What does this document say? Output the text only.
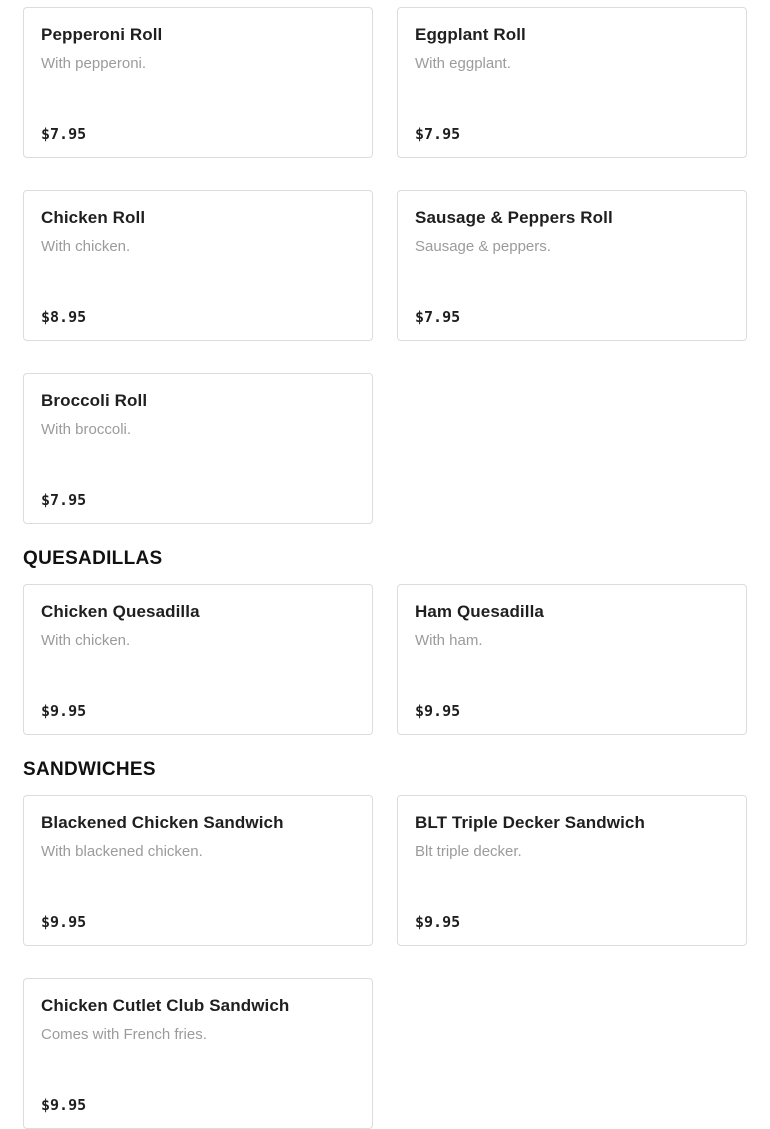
Pepperoni Roll
With pepperoni.
$7.95
Eggplant Roll
With eggplant.
$7.95
Chicken Roll
With chicken.
$8.95
Sausage & Peppers Roll
Sausage & peppers.
$7.95
Broccoli Roll
With broccoli.
$7.95
QUESADILLAS
Chicken Quesadilla
With chicken.
$9.95
Ham Quesadilla
With ham.
$9.95
SANDWICHES
Blackened Chicken Sandwich
With blackened chicken.
$9.95
BLT Triple Decker Sandwich
Blt triple decker.
$9.95
Chicken Cutlet Club Sandwich
Comes with French fries.
$9.95
